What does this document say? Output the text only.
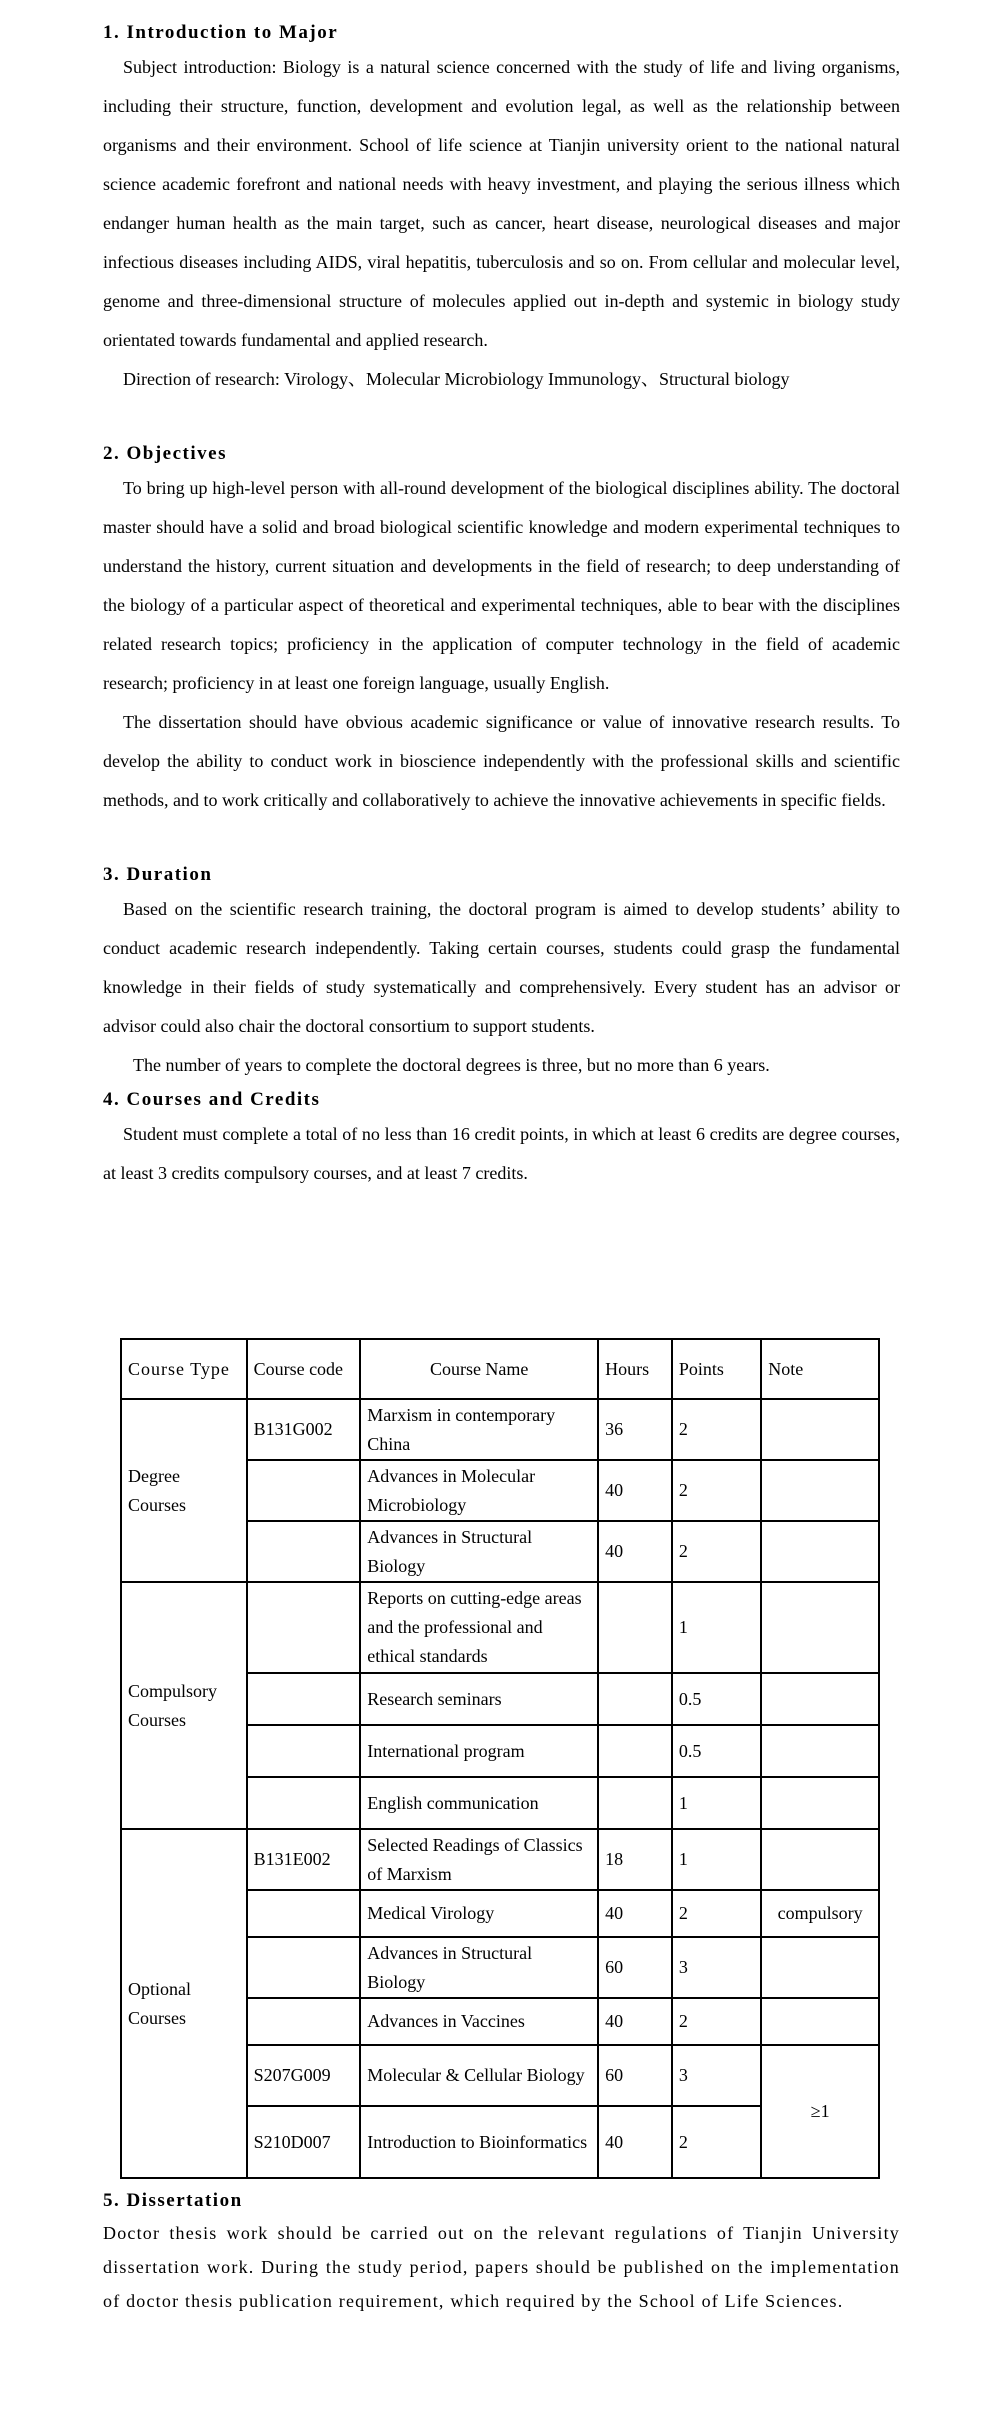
1. Introduction to Major

Subject introduction: Biology is a natural science concerned with the study of life and living organisms, including their structure, function, development and evolution legal, as well as the relationship between organisms and their environment. School of life science at Tianjin university orient to the national natural science academic forefront and national needs with heavy investment, and playing the serious illness which endanger human health as the main target, such as cancer, heart disease, neurological diseases and major infectious diseases including AIDS, viral hepatitis, tuberculosis and so on. From cellular and molecular level, genome and three-dimensional structure of molecules applied out in-depth and systemic in biology study orientated towards fundamental and applied research.

Direction of research: Virology、Molecular Microbiology Immunology、Structural biology

2. Objectives

To bring up high-level person with all-round development of the biological disciplines ability. The doctoral master should have a solid and broad biological scientific knowledge and modern experimental techniques to understand the history, current situation and developments in the field of research; to deep understanding of the biology of a particular aspect of theoretical and experimental techniques, able to bear with the disciplines related research topics; proficiency in the application of computer technology in the field of academic research; proficiency in at least one foreign language, usually English.

The dissertation should have obvious academic significance or value of innovative research results. To develop the ability to conduct work in bioscience independently with the professional skills and scientific methods, and to work critically and collaboratively to achieve the innovative achievements in specific fields.

3. Duration

Based on the scientific research training, the doctoral program is aimed to develop students’ ability to conduct academic research independently. Taking certain courses, students could grasp the fundamental knowledge in their fields of study systematically and comprehensively. Every student has an advisor or advisor could also chair the doctoral consortium to support students.

The number of years to complete the doctoral degrees is three, but no more than 6 years.

4. Courses and Credits

Student must complete a total of no less than 16 credit points, in which at least 6 credits are degree courses, at least 3 credits compulsory courses, and at least 7 credits.

Course Type	Course code	Course Name	Hours	Points	Note
Degree Courses	B131G002	Marxism in contemporary China	36	2	
		Advances in Molecular Microbiology	40	2	
		Advances in Structural Biology	40	2	
Compulsory Courses		Reports on cutting-edge areas and the professional and ethical standards		1	
		Research seminars		0.5	
		International program		0.5	
		English communication		1	
Optional Courses	B131E002	Selected Readings of Classics of Marxism	18	1	
		Medical Virology	40	2	compulsory
		Advances in Structural Biology	60	3	
		Advances in Vaccines	40	2	
	S207G009	Molecular & Cellular Biology	60	3	≥1
	S210D007	Introduction to Bioinformatics	40	2	
5. Dissertation

Doctor thesis work should be carried out on the relevant regulations of Tianjin University dissertation work. During the study period, papers should be published on the implementation of doctor thesis publication requirement, which required by the School of Life Sciences.
